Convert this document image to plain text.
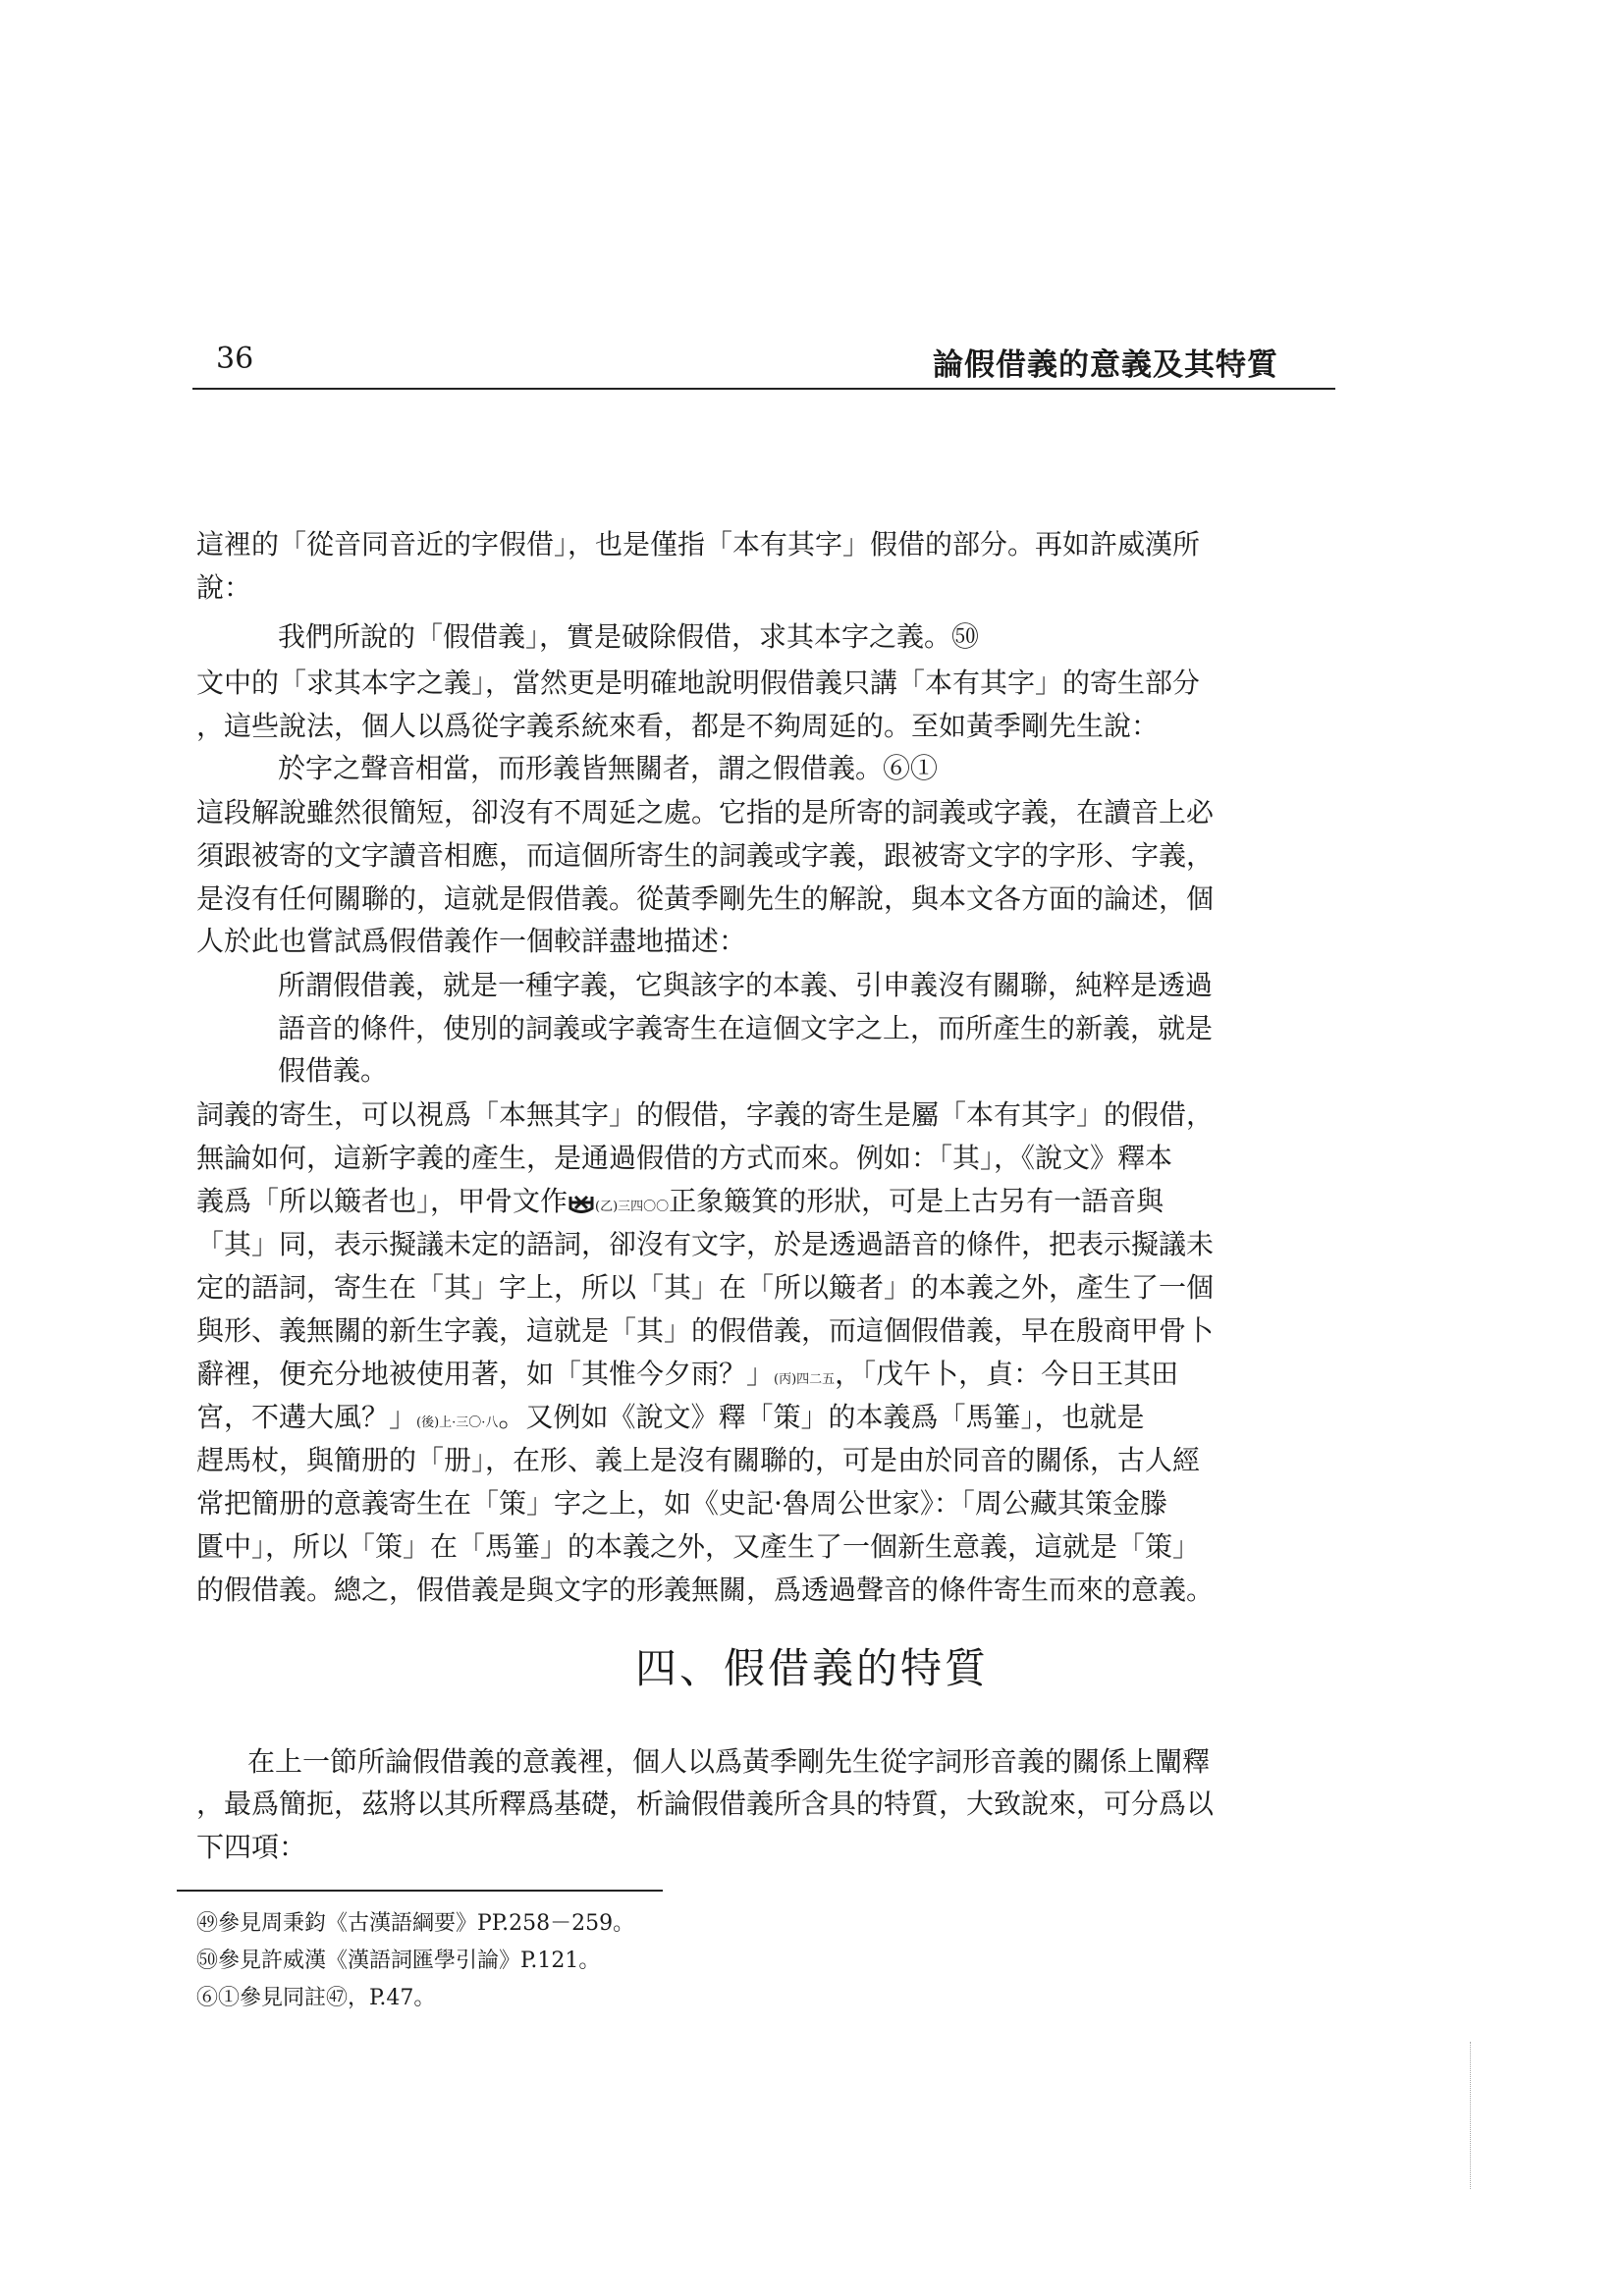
36	論假借義的意義及其特質
這裡的「從音同音近的字假借」，也是僅指「本有其字」假借的部分。再如許威漢所
說：
我們所說的「假借義」，實是破除假借，求其本字之義。㊿
文中的「求其本字之義」，當然更是明確地說明假借義只講「本有其字」的寄生部分
，這些說法，個人以爲從字義系統來看，都是不夠周延的。至如黃季剛先生說：
於字之聲音相當，而形義皆無關者，謂之假借義。⑥①
這段解說雖然很簡短，卻沒有不周延之處。它指的是所寄的詞義或字義，在讀音上必
須跟被寄的文字讀音相應，而這個所寄生的詞義或字義，跟被寄文字的字形、字義，
是沒有任何關聯的，這就是假借義。從黃季剛先生的解說，與本文各方面的論述，個
人於此也嘗試爲假借義作一個較詳盡地描述：
所謂假借義，就是一種字義，它與該字的本義、引申義沒有關聯，純粹是透過
語音的條件，使別的詞義或字義寄生在這個文字之上，而所產生的新義，就是
假借義。
詞義的寄生，可以視爲「本無其字」的假借，字義的寄生是屬「本有其字」的假借，
無論如何，這新字義的產生，是通過假借的方式而來。例如：「其」，《說文》釋本
義爲「所以簸者也」，甲骨文作 (乙)三四〇〇正象簸箕的形狀，可是上古另有一語音與
「其」同，表示擬議未定的語詞，卻沒有文字，於是透過語音的條件，把表示擬議未
定的語詞，寄生在「其」字上，所以「其」在「所以簸者」的本義之外，產生了一個
與形、義無關的新生字義，這就是「其」的假借義，而這個假借義，早在殷商甲骨卜
辭裡，便充分地被使用著，如「其惟今夕雨？」(丙)四二五，「戊午卜，貞：今日王其田
宮，不遘大風？」(後)上·三〇·八。又例如《說文》釋「策」的本義爲「馬箠」，也就是
趕馬杖，與簡册的「册」，在形、義上是沒有關聯的，可是由於同音的關係，古人經
常把簡册的意義寄生在「策」字之上，如《史記·魯周公世家》：「周公藏其策金滕
匱中」，所以「策」在「馬箠」的本義之外，又產生了一個新生意義，這就是「策」
的假借義。總之，假借義是與文字的形義無關，爲透過聲音的條件寄生而來的意義。
四、假借義的特質
在上一節所論假借義的意義裡，個人以爲黃季剛先生從字詞形音義的關係上闡釋
，最爲簡扼，茲將以其所釋爲基礎，析論假借義所含具的特質，大致說來，可分爲以
下四項：
㊾參見周秉鈞《古漢語綱要》PP.258－259。
㊿參見許威漢《漢語詞匯學引論》P.121。
⑥①參見同註㊼，P.47。
